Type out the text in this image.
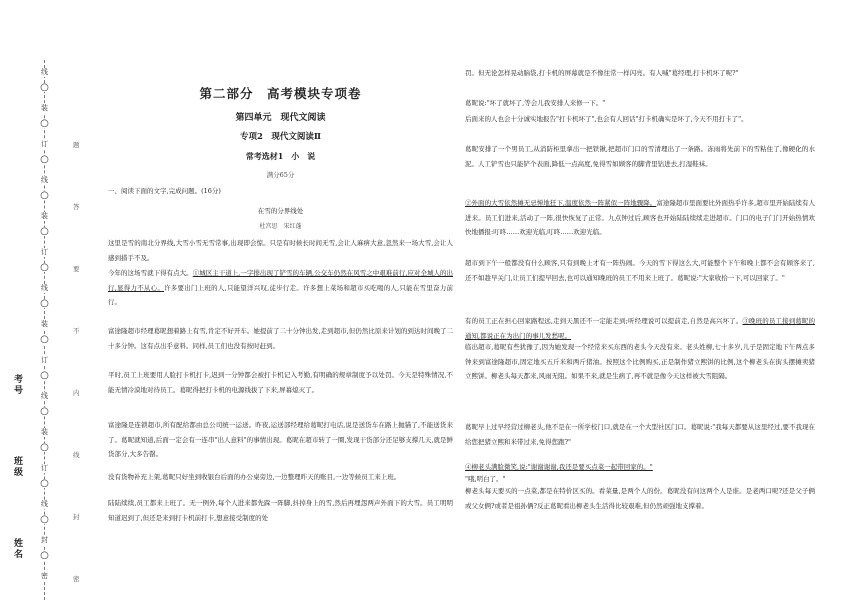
线
○
装
○
订
○
线
○
装
○
订
○
线
○
装
○
订
○
线
○
装
○
订
○
线
○
封
○
密
题
答
要
不
内
线
封
密
考号
班级
姓名
第二部分　高考模块专项卷
第四单元　现代文阅读
专项2　现代文阅读Ⅱ
常考选材1　小　说
满分65分
一、阅读下面的文字,完成问题。(16分)
在雪的分界线处
杜宫思　宋红蓬

这里是雪的南北分界线,大雪小雪无雪常事,出现即会惊。只是有时候长时间无雪,会让人麻痹大意,忽然来一场大雪,会让人感到措手不及。

今年的这场雪就下得有点大。①城区主干道上,一字排出现了铲雪的车辆,公交车仍然在风雪之中艰难前行,应对全城人的出行,显得力不从心。许多要出门上班的人,只能望洋兴叹,徒步行走。许多想上菜场和超市买吃喝的人,只能在雪里奋力前行。

富途隆超市经理葛昵想着路上有雪,肯定不好开车。她提前了二十分钟出发,走到超市,但仍然比原来计划的到达时间晚了二十多分钟。这有点出乎意料。同样,员工们也没有按时赶到。

平时,员工上班要用人脸打卡机打卡,迟到一分钟都会被打卡机记入考勤,有明确的规章制度予以处罚。今天是特殊情况,不能无情冷漠地对待员工。葛昵得把打卡机的电源线拔了下来,屏幕熄灭了。

富途隆是连锁超市,所有配给都由总公司统一运送。昨夜,运送部经理给葛昵打电话,说是送货车在路上抛锚了,不能送货来了。葛昵就知道,后面一定会有一连串"出人意料"的事情出现。葛昵在超市转了一圈,发现干货部分还足够支撑几天,就是鲜货部分,大多告罄。

没有货物补充上架,葛昵只好坐到收银台后面的办公桌旁边,一边整理昨天的账目,一边等候员工来上班。

陆陆续续,员工都来上班了。无一例外,每个人进来都先跺一阵脚,抖掉身上的雪,然后再埋怨两声外面下的大雪。员工明明知道迟到了,但还是来到打卡机前打卡,想意接受制度的处

罚。但无论怎样晃动脑袋,打卡机的屏幕就是不像往常一样闪亮。有人喊"葛经理,打卡机坏了呢?"

葛昵说:"坏了就坏了,等会儿我安排人来修一下。"

后面来的人也会十分诚实地报告"打卡机坏了",也会有人回话"打卡机确实是坏了,今天不用打卡了"。

葛昵安排了一个男员工,从消防柜里拿出一把铁锹,把超市门口的雪清理出了一条路。冻雨将先前下的雪粘住了,像硬化的水泥。人工铲雪也只能铲个表面,降低一点高度,免得雪如顾客的脚背里钻进去,打湿鞋袜。

②外面的大雪依然摊无忌惮地狂下,温度依然一阵紧似一阵地骤降。富途隆超市里面要比外面热乎许多,超市里开始陆续有人进来。员工们进来,活动了一阵,很快恢复了正常。九点钟过后,顾客也开始陆陆续续走进超市。门口的电子门门开始热情欢快地播报:叮咚……欢迎光临,叮咚……欢迎光临。

超市到下午一般都没有什么顾客,只有到晚上才有一阵热闹。今天的雪下得这么大,可能整个下午和晚上都不会有顾客来了,还不如趁早关门,让员工们提早回去,也可以通知晚班的员工不用来上班了。葛昵说:"大家收拾一下,可以回家了。"

有的员工正在担心回家路程远,走到天黑还不一定能走到;听经理说可以提前走,自然是高兴坏了。③晚班的员工接到葛昵的通知,都说正在为出门的事儿发愁呢。

临出超市,葛昵有些犹豫了,因为她发现一个经常来买东西的老头今天没有来。老头姓柳,七十多岁,儿子是固定地下午两点多钟来到富途隆超市,固定地买五斤米和两斤猪油。按照这个比例购买,正是制作猪立熙饼的比例,这个柳老头在街头摆摊卖猪立熙饼。柳老头每天都来,风雨无阻。如果不来,就是生病了,再不就是像今天这样被大雪阻隔。

葛昵早上过早经营过柳老头,他不是在一所学校门口,就是在一个大型社区门口。葛昵说:"我每天都要从这里经过,要不我现在给您把猪立熙和米带过来,免得您跑?"

④柳老头满脸微笑,说:"谢谢谢谢,我还是要买点菜一起带回家的。"

"哦,明白了。"

柳老头每天要买的一点菜,都是在特价区买的。看菜量,是两个人的份。葛昵没有问这两个人是谁。是老两口呢?还是父子俩或父女俩?或者是祖孙俩?反正葛昵看出柳老头生活得比较艰难,但仍然顽强地支撑着。
